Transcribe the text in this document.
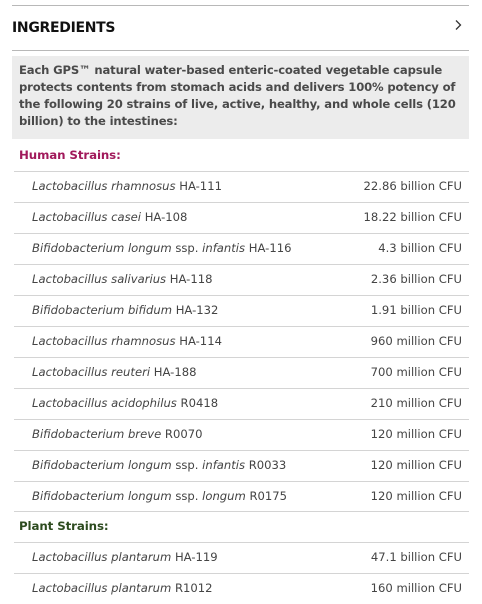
INGREDIENTS
Each GPS™ natural water-based enteric-coated vegetable capsule protects contents from stomach acids and delivers 100% potency of the following 20 strains of live, active, healthy, and whole cells (120 billion) to the intestines:
Human Strains:
Lactobacillus rhamnosus HA-111	22.86 billion CFU
Lactobacillus casei HA-108	18.22 billion CFU
Bifidobacterium longum ssp. infantis HA-116	4.3 billion CFU
Lactobacillus salivarius HA-118	2.36 billion CFU
Bifidobacterium bifidum HA-132	1.91 billion CFU
Lactobacillus rhamnosus HA-114	960 million CFU
Lactobacillus reuteri HA-188	700 million CFU
Lactobacillus acidophilus R0418	210 million CFU
Bifidobacterium breve R0070	120 million CFU
Bifidobacterium longum ssp. infantis R0033	120 million CFU
Bifidobacterium longum ssp. longum R0175	120 million CFU
Plant Strains:
Lactobacillus plantarum HA-119	47.1 billion CFU
Lactobacillus plantarum R1012	160 million CFU
